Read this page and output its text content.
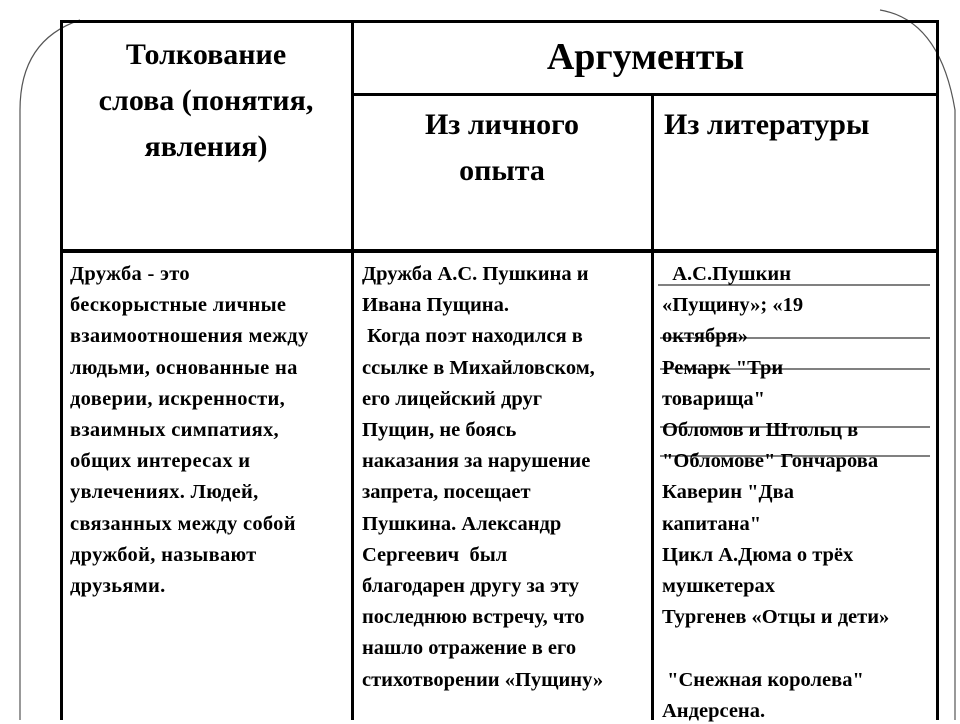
Толкование
слова (понятия,
явления)
Аргументы
Из личного
опыта
Из литературы
Дружба - это
бескорыстные личные
взаимоотношения между
людьми, основанные на
доверии, искренности,
взаимных симпатиях,
общих интересах и
увлечениях. Людей,
связанных между собой
дружбой, называют
друзьями.
Дружба А.С. Пушкина и
Ивана Пущина.
Когда поэт находился в
ссылке в Михайловском,
его лицейский друг
Пущин, не боясь
наказания за нарушение
запрета, посещает
Пушкина. Александр
Сергеевич  был
благодарен другу за эту
последнюю встречу, что
нашло отражение в его
стихотворении «Пущину»
А.С.Пушкин
«Пущину»; «19
октября»
Ремарк "Три
товарища"
Обломов и Штольц в
"Обломове" Гончарова
Каверин "Два
капитана"
Цикл А.Дюма о трёх
мушкетерах
Тургенев «Отцы и дети»

"Снежная королева"
Андерсена.
